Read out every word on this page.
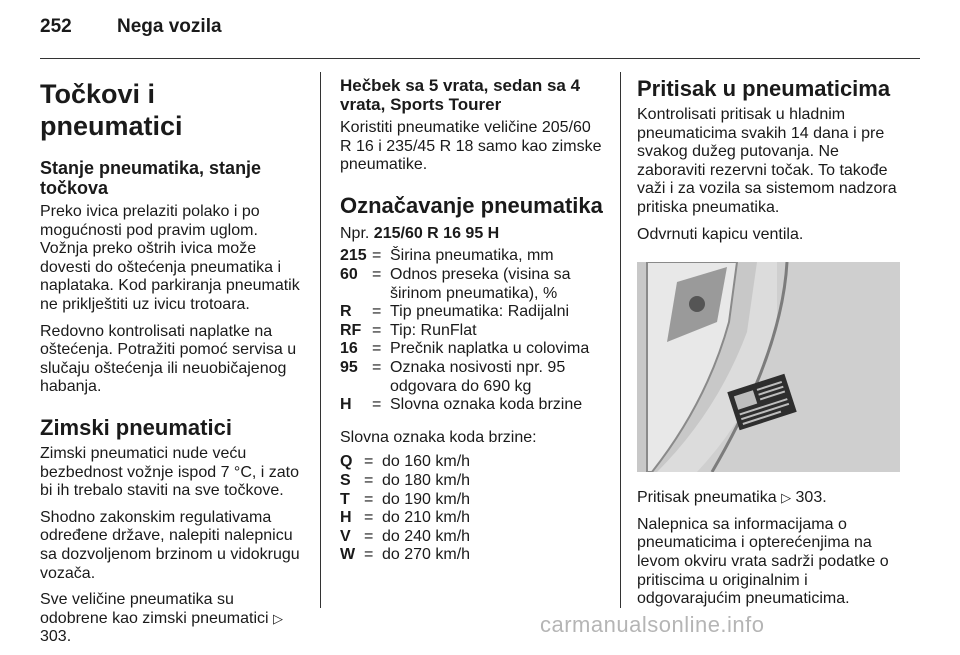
252 Nega vozila
Točkovi i pneumatici
Stanje pneumatika, stanje točkova

Preko ivica prelaziti polako i po mogućnosti pod pravim uglom. Vožnja preko oštrih ivica može dovesti do oštećenja pneumatika i naplataka. Kod parkiranja pneumatik ne priklještiti uz ivicu trotoara.

Redovno kontrolisati naplatke na oštećenja. Potražiti pomoć servisa u slučaju oštećenja ili neuobičajenog habanja.

Zimski pneumatici

Zimski pneumatici nude veću bezbednost vožnje ispod 7 °C, i zato bi ih trebalo staviti na sve točkove.

Shodno zakonskim regulativama određene države, nalepiti nalepnicu sa dozvoljenom brzinom u vidokrugu vozača.

Sve veličine pneumatika su odobrene kao zimski pneumatici ▷ 303.

Hečbek sa 5 vrata, sedan sa 4 vrata, Sports Tourer

Koristiti pneumatike veličine 205/60 R 16 i 235/45 R 18 samo kao zimske pneumatike.

Označavanje pneumatika

Npr. 215/60 R 16 95 H

215 = Širina pneumatika, mm
60 = Odnos preseka (visina sa širinom pneumatika), %
R	= Tip pneumatika: Radijalni
RF = Tip: RunFlat
16 = Prečnik naplatka u colovima
95 = Oznaka nosivosti npr. 95 odgovara do 690 kg
H	= Slovna oznaka koda brzine

Slovna oznaka koda brzine:

Q = do 160 km/h
S = do 180 km/h
T = do 190 km/h
H = do 210 km/h
V = do 240 km/h
W = do 270 km/h
Pritisak u pneumaticima

Kontrolisati pritisak u hladnim pneumaticima svakih 14 dana i pre svakog dužeg putovanja. Ne zaboraviti rezervni točak. To takođe važi i za vozila sa sistemom nadzora pritiska pneumatika.

Odvrnuti kapicu ventila.

Pritisak pneumatika ▷ 303.

Nalepnica sa informacijama o pneumaticima i opterećenjima na levom okviru vrata sadrži podatke o pritiscima u originalnim i odgovarajućim pneumaticima.

carmanualsonline.info
